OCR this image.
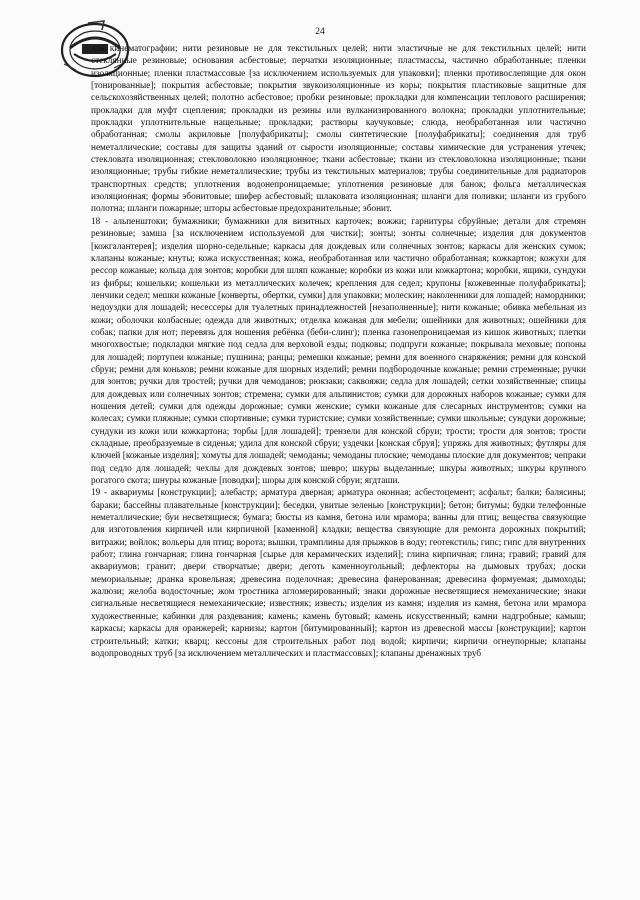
24

для кинематографии; нити резиновые не для текстильных целей; нити эластичные не для текстильных целей; нити стеклянные резиновые; основания асбестовые; перчатки изоляционные; пластмассы, частично обработанные; пленки изоляционные; пленки пластмассовые [за исключением используемых для упаковки]; пленки противослепящие для окон [тонированные]; покрытия асбестовые; покрытия звукоизоляционные из коры; покрытия пластиковые защитные для сельскохозяйственных целей; полотно асбестовое; пробки резиновые; прокладки для компенсации теплового расширения; прокладки для муфт сцепления; прокладки из резины или вулканизированного волокна; прокладки уплотнительные; прокладки уплотнительные нащельные; прокладки; растворы каучуковые; слюда, необработанная или частично обработанная; смолы акриловые [полуфабрикаты]; смолы синтетические [полуфабрикаты]; соединения для труб неметаллические; составы для защиты зданий от сырости изоляционные; составы химические для устранения утечек; стекловата изоляционная; стекловолокно изоляционное; ткани асбестовые; ткани из стекловолокна изоляционные; ткани изоляционные; трубы гибкие неметаллические; трубы из текстильных материалов; трубы соединительные для радиаторов транспортных средств; уплотнения водонепроницаемые; уплотнения резиновые для банок; фольга металлическая изоляционная; формы эбонитовые; шифер асбестовый; шлаковата изоляционная; шланги для поливки; шланги из грубого полотна; шланги пожарные; шторы асбестовые предохранительные; эбонит.

18 - альпенштоки; бумажники; бумажники для визитных карточек; вожжи; гарнитуры сбруйные; детали для стремян резиновые; замша [за исключением используемой для чистки]; зонты; зонты солнечные; изделия для документов [кожгалантерея]; изделия шорно-седельные; каркасы для дождевых или солнечных зонтов; каркасы для женских сумок; клапаны кожаные; кнуты; кожа искусственная; кожа, необработанная или частично обработанная; кожкартон; кожухи для рессор кожаные; кольца для зонтов; коробки для шляп кожаные; коробки из кожи или кожкартона; коробки, ящики, сундуки из фибры; кошельки; кошельки из металлических колечек; крепления для седел; крупоны [кожевенные полуфабрикаты]; ленчики седел; мешки кожаные [конверты, обертки, сумки] для упаковки; молескин; наколенники для лошадей; намордники; недоуздки для лошадей; несессеры для туалетных принадлежностей [незаполненные]; нити кожаные; обивка мебельная из кожи; оболочки колбасные; одежда для животных; отделка кожаная для мебели; ошейники для животных; ошейники для собак; папки для нот; перевязь для ношения ребёнка (беби-слинг); пленка газонепроницаемая из кишок животных; плетки многохвостые; подкладки мягкие под седла для верховой езды; подковы; подпруги кожаные; покрывала меховые; попоны для лошадей; портупеи кожаные; пушнина; ранцы; ремешки кожаные; ремни для военного снаряжения; ремни для конской сбруи; ремни для коньков; ремни кожаные для шорных изделий; ремни подбородочные кожаные; ремни стременные; ручки для зонтов; ручки для тростей; ручки для чемоданов; рюкзаки; саквояжи; седла для лошадей; сетки хозяйственные; спицы для дождевых или солнечных зонтов; стремена; сумки для альпинистов; сумки для дорожных наборов кожаные; сумки для ношения детей; сумки для одежды дорожные; сумки женские; сумки кожаные для слесарных инструментов; сумки на колесах; сумки пляжные; сумки спортивные; сумки туристские; сумки хозяйственные; сумки школьные; сундуки дорожные; сундуки из кожи или кожкартона; торбы [для лошадей]; трензели для конской сбруи; трости; трости для зонтов; трости складные, преобразуемые в сиденья; удила для конской сбруи; уздечки [конская сбруя]; упряжь для животных; футляры для ключей [кожаные изделия]; хомуты для лошадей; чемоданы; чемоданы плоские; чемоданы плоские для документов; чепраки под седло для лошадей; чехлы для дождевых зонтов; шевро; шкуры выделанные; шкуры животных; шкуры крупного рогатого скота; шнуры кожаные [поводки]; шоры для конской сбруи; ягдташи.

19 - аквариумы [конструкции]; алебастр; арматура дверная; арматура оконная; асбестоцемент; асфальт; балки; балясины; бараки; бассейны плавательные [конструкции]; беседки, увитые зеленью [конструкции]; бетон; битумы; будки телефонные неметаллические; буи несветящиеся; бумага; бюсты из камня, бетона или мрамора; ванны для птиц; вещества связующие для изготовления кирпичей или кирпичной [каменной] кладки; вещества связующие для ремонта дорожных покрытий; витражи; войлок; вольеры для птиц; ворота; вышки, трамплины для прыжков в воду; геотекстиль; гипс; гипс для внутренних работ; глина гончарная; глина гончарная [сырье для керамических изделий]; глина кирпичная; глина; гравий; гравий для аквариумов; гранит; двери створчатые; двери; деготь каменноугольный; дефлекторы на дымовых трубах; доски мемориальные; дранка кровельная; древесина поделочная; древесина фанерованная; древесина формуемая; дымоходы; жалюзи; желоба водосточные; жом тростника агломерированный; знаки дорожные несветящиеся немеханические; знаки сигнальные несветящиеся немеханические; известняк; известь; изделия из камня; изделия из камня, бетона или мрамора художественные; кабинки для раздевания; камень; камень бутовый; камень искусственный; камни надгробные; камыш; каркасы; каркасы для оранжерей; карнизы; картон [битумированный]; картон из древесной массы [конструкции]; картон строительный; катки; кварц; кессоны для строительных работ под водой; кирпичи; кирпичи огнеупорные; клапаны водопроводных труб [за исключением металлических и пластмассовых]; клапаны дренажных труб
